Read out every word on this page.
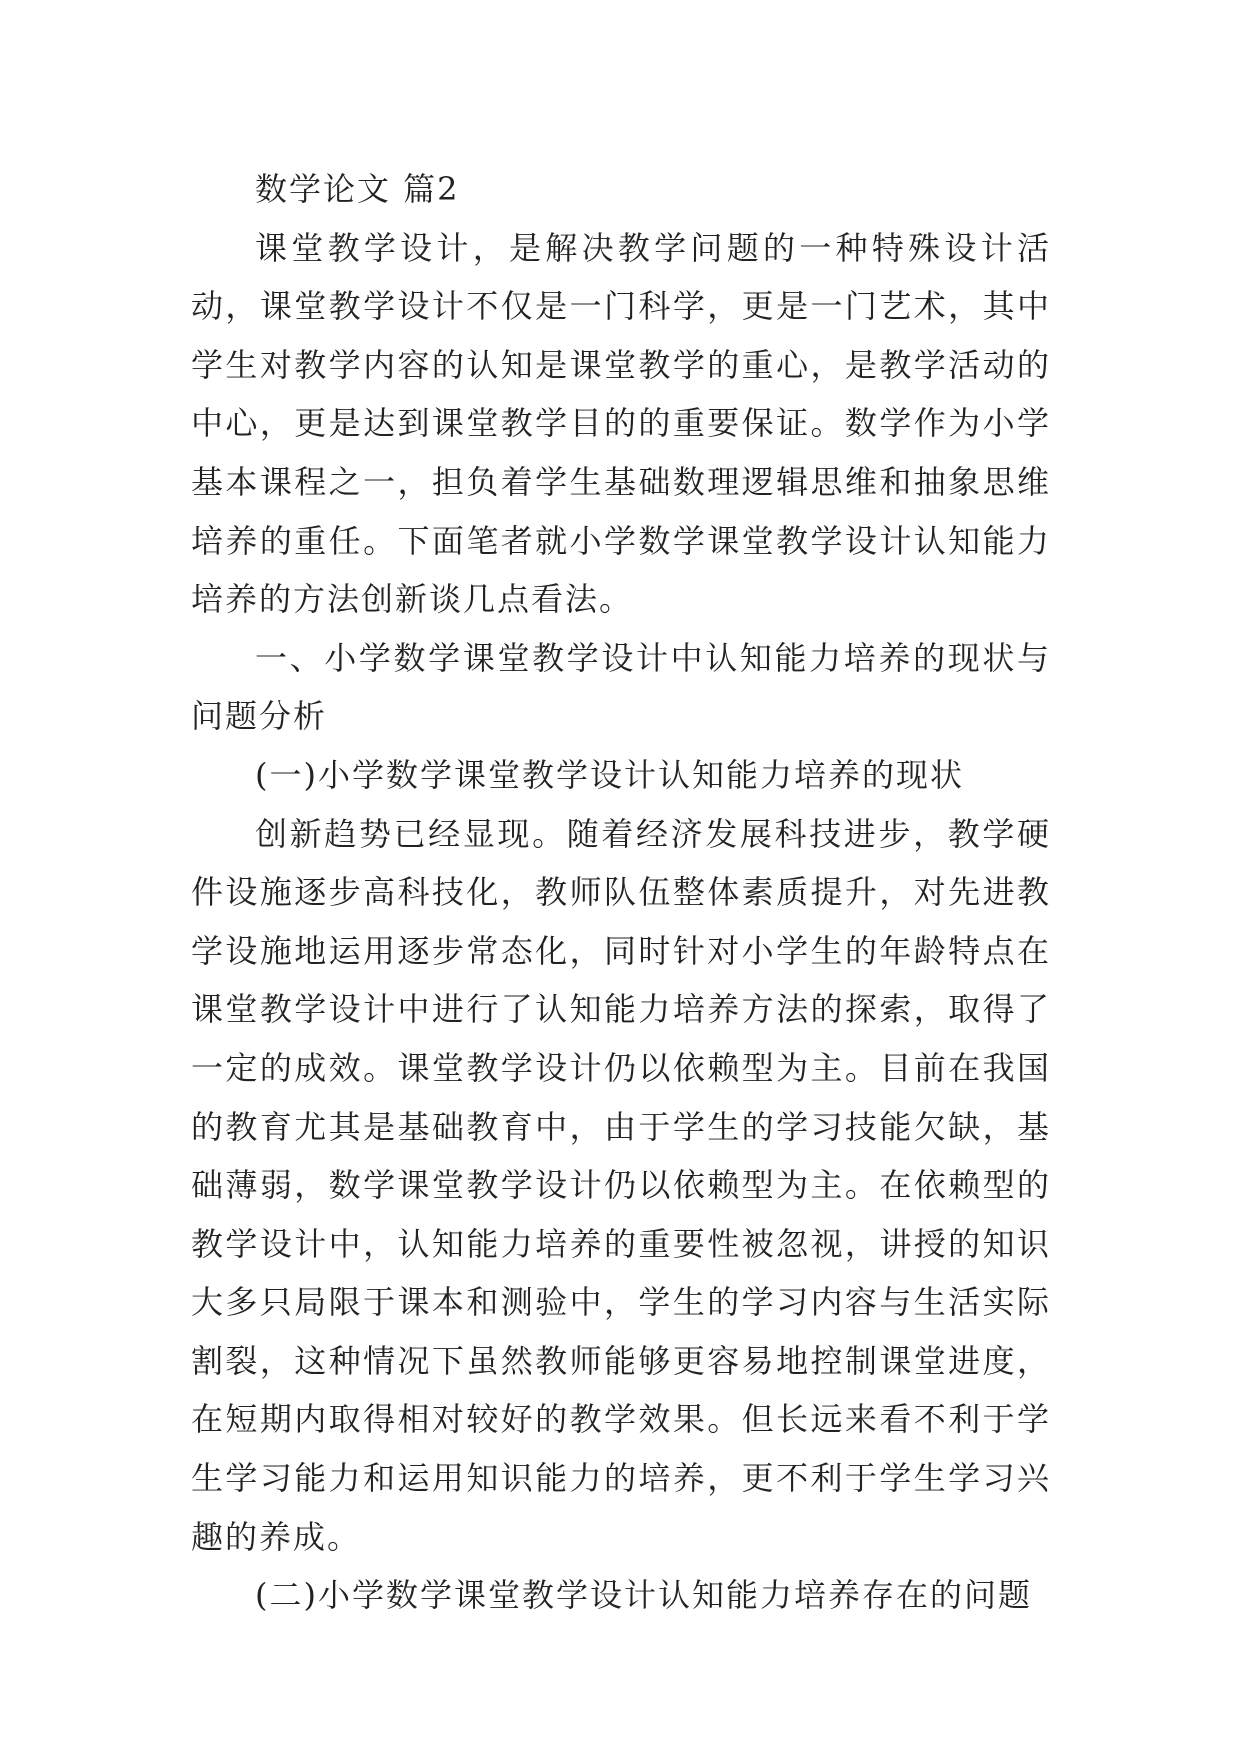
数学论文 篇2

课堂教学设计，是解决教学问题的一种特殊设计活动，课堂教学设计不仅是一门科学，更是一门艺术，其中学生对教学内容的认知是课堂教学的重心，是教学活动的中心，更是达到课堂教学目的的重要保证。数学作为小学基本课程之一，担负着学生基础数理逻辑思维和抽象思维培养的重任。下面笔者就小学数学课堂教学设计认知能力培养的方法创新谈几点看法。

一、小学数学课堂教学设计中认知能力培养的现状与问题分析

(一)小学数学课堂教学设计认知能力培养的现状

创新趋势已经显现。随着经济发展科技进步，教学硬件设施逐步高科技化，教师队伍整体素质提升，对先进教学设施地运用逐步常态化，同时针对小学生的年龄特点在课堂教学设计中进行了认知能力培养方法的探索，取得了一定的成效。课堂教学设计仍以依赖型为主。目前在我国的教育尤其是基础教育中，由于学生的学习技能欠缺，基础薄弱，数学课堂教学设计仍以依赖型为主。在依赖型的教学设计中，认知能力培养的重要性被忽视，讲授的知识大多只局限于课本和测验中，学生的学习内容与生活实际割裂，这种情况下虽然教师能够更容易地控制课堂进度，在短期内取得相对较好的教学效果。但长远来看不利于学生学习能力和运用知识能力的培养，更不利于学生学习兴趣的养成。

(二)小学数学课堂教学设计认知能力培养存在的问题
